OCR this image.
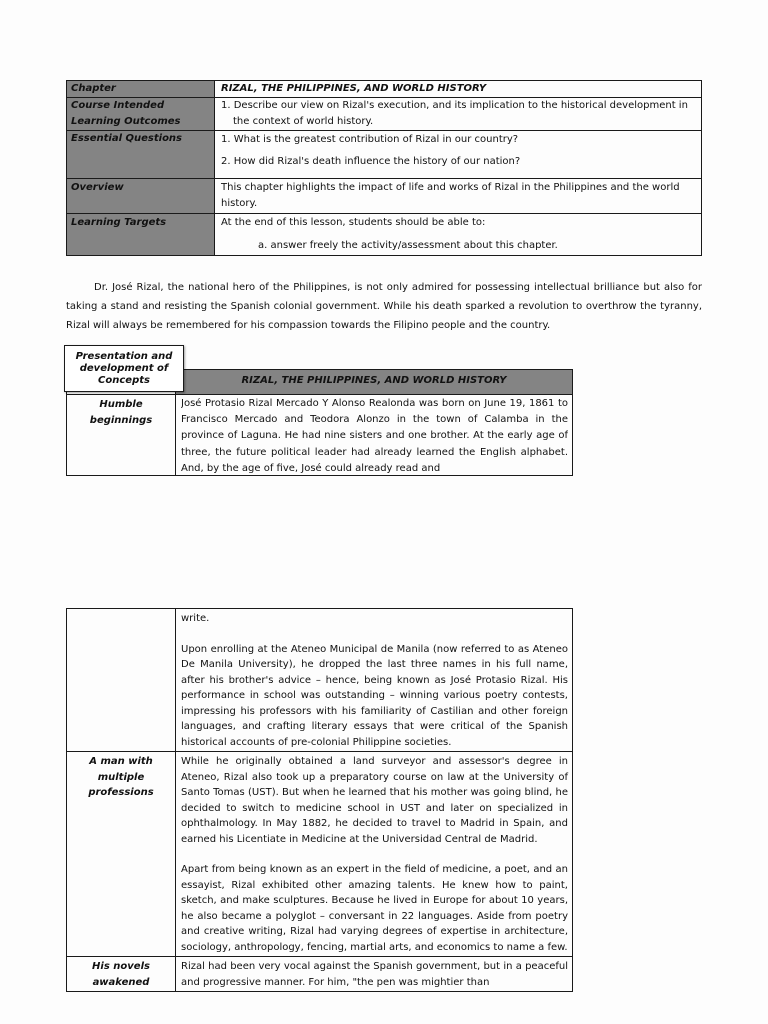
Chapter	RIZAL, THE PHILIPPINES, AND WORLD HISTORY
Course Intended Learning Outcomes	1. Describe our view on Rizal's execution, and its implication to the historical development in the context of world history.

Essential Questions	1. What is the greatest contribution of Rizal in our country?
2. How did Rizal's death influence the history of our nation?

Overview	This chapter highlights the impact of life and works of Rizal in the Philippines and the world history.
Learning Targets	At the end of this lesson, students should be able to:
a. answer freely the activity/assessment about this chapter.

Dr. José Rizal, the national hero of the Philippines, is not only admired for possessing intellectual brilliance but also for taking a stand and resisting the Spanish colonial government. While his death sparked a revolution to overthrow the tyranny, Rizal will always be remembered for his compassion towards the Filipino people and the country.

	RIZAL, THE PHILIPPINES, AND WORLD HISTORY
Humble beginnings	José Protasio Rizal Mercado Y Alonso Realonda was born on June 19, 1861 to Francisco Mercado and Teodora Alonzo in the town of Calamba in the province of Laguna. He had nine sisters and one brother. At the early age of three, the future political leader had already learned the English alphabet. And, by the age of five, José could already read and
Presentation and development of Concepts

	write.
Upon enrolling at the Ateneo Municipal de Manila (now referred to as Ateneo De Manila University), he dropped the last three names in his full name, after his brother's advice – hence, being known as José Protasio Rizal. His performance in school was outstanding – winning various poetry contests, impressing his professors with his familiarity of Castilian and other foreign languages, and crafting literary essays that were critical of the Spanish historical accounts of pre-colonial Philippine societies.

A man with multiple professions	While he originally obtained a land surveyor and assessor's degree in Ateneo, Rizal also took up a preparatory course on law at the University of Santo Tomas (UST). But when he learned that his mother was going blind, he decided to switch to medicine school in UST and later on specialized in ophthalmology. In May 1882, he decided to travel to Madrid in Spain, and earned his Licentiate in Medicine at the Universidad Central de Madrid.
Apart from being known as an expert in the field of medicine, a poet, and an essayist, Rizal exhibited other amazing talents. He knew how to paint, sketch, and make sculptures. Because he lived in Europe for about 10 years, he also became a polyglot – conversant in 22 languages. Aside from poetry and creative writing, Rizal had varying degrees of expertise in architecture, sociology, anthropology, fencing, martial arts, and economics to name a few.

His novels awakened	Rizal had been very vocal against the Spanish government, but in a peaceful and progressive manner. For him, "the pen was mightier than
